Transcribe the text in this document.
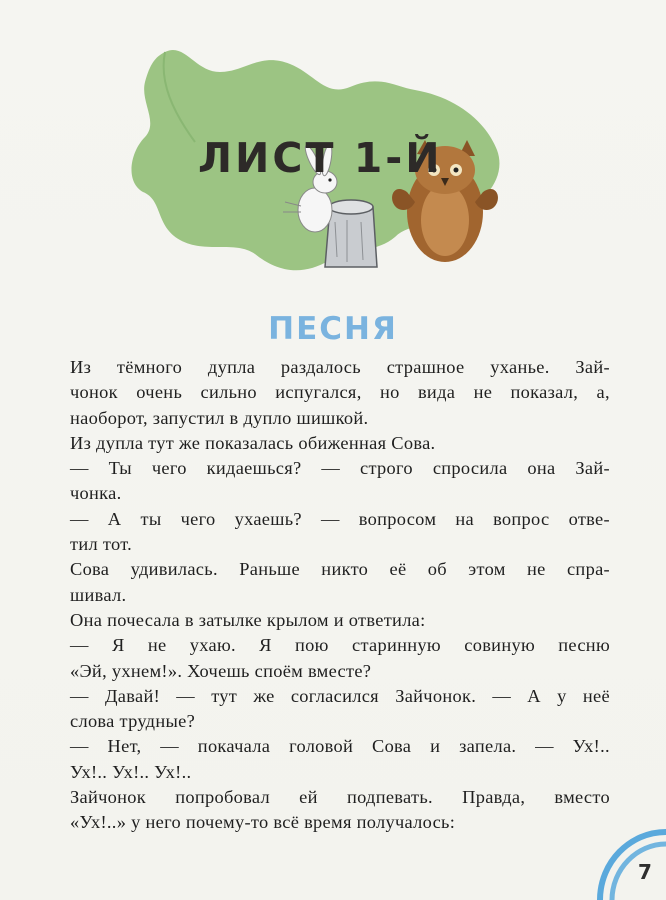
ЛИСТ 1-Й
ПЕСНЯ
Из тёмного дупла раздалось страшное уханье. Зай-
чонок очень сильно испугался, но вида не показал, а,
наоборот, запустил в дупло шишкой.
Из дупла тут же показалась обиженная Сова.
— Ты чего кидаешься? — строго спросила она Зай-
чонка.
— А ты чего ухаешь? — вопросом на вопрос отве-
тил тот.
Сова удивилась. Раньше никто её об этом не спра-
шивал.
Она почесала в затылке крылом и ответила:
— Я не ухаю. Я пою старинную совиную песню
«Эй, ухнем!». Хочешь споём вместе?
— Давай! — тут же согласился Зайчонок. — А у неё
слова трудные?
— Нет, — покачала головой Сова и запела. — Ух!..
Ух!.. Ух!.. Ух!..
Зайчонок попробовал ей подпевать. Правда, вместо
«Ух!..» у него почему-то всё время получалось:
7
